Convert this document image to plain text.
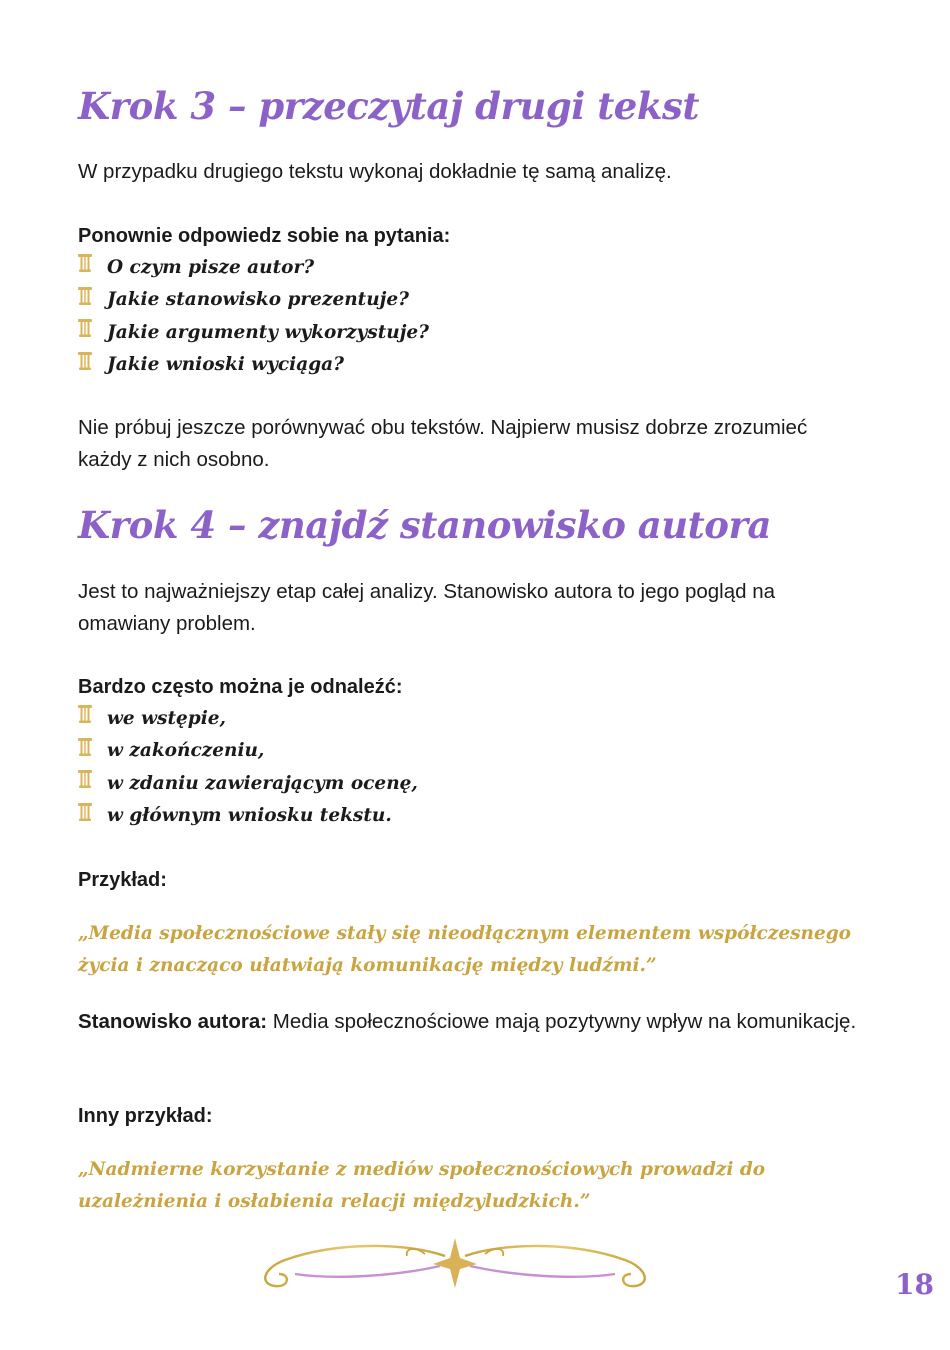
Krok 3 – przeczytaj drugi tekst

W przypadku drugiego tekstu wykonaj dokładnie tę samą analizę.

Ponownie odpowiedz sobie na pytania:

O czym pisze autor?
Jakie stanowisko prezentuje?
Jakie argumenty wykorzystuje?
Jakie wnioski wyciąga?

Nie próbuj jeszcze porównywać obu tekstów. Najpierw musisz dobrze zrozumieć każdy z nich osobno.

Krok 4 – znajdź stanowisko autora

Jest to najważniejszy etap całej analizy. Stanowisko autora to jego pogląd na omawiany problem.

Bardzo często można je odnaleźć:

we wstępie,
w zakończeniu,
w zdaniu zawierającym ocenę,
w głównym wniosku tekstu.

Przykład:

„Media społecznościowe stały się nieodłącznym elementem współczesnego życia i znacząco ułatwiają komunikację między ludźmi.”

Stanowisko autora: Media społecznościowe mają pozytywny wpływ na komunikację.

Inny przykład:

„Nadmierne korzystanie z mediów społecznościowych prowadzi do uzależnienia i osłabienia relacji międzyludzkich.”

18
